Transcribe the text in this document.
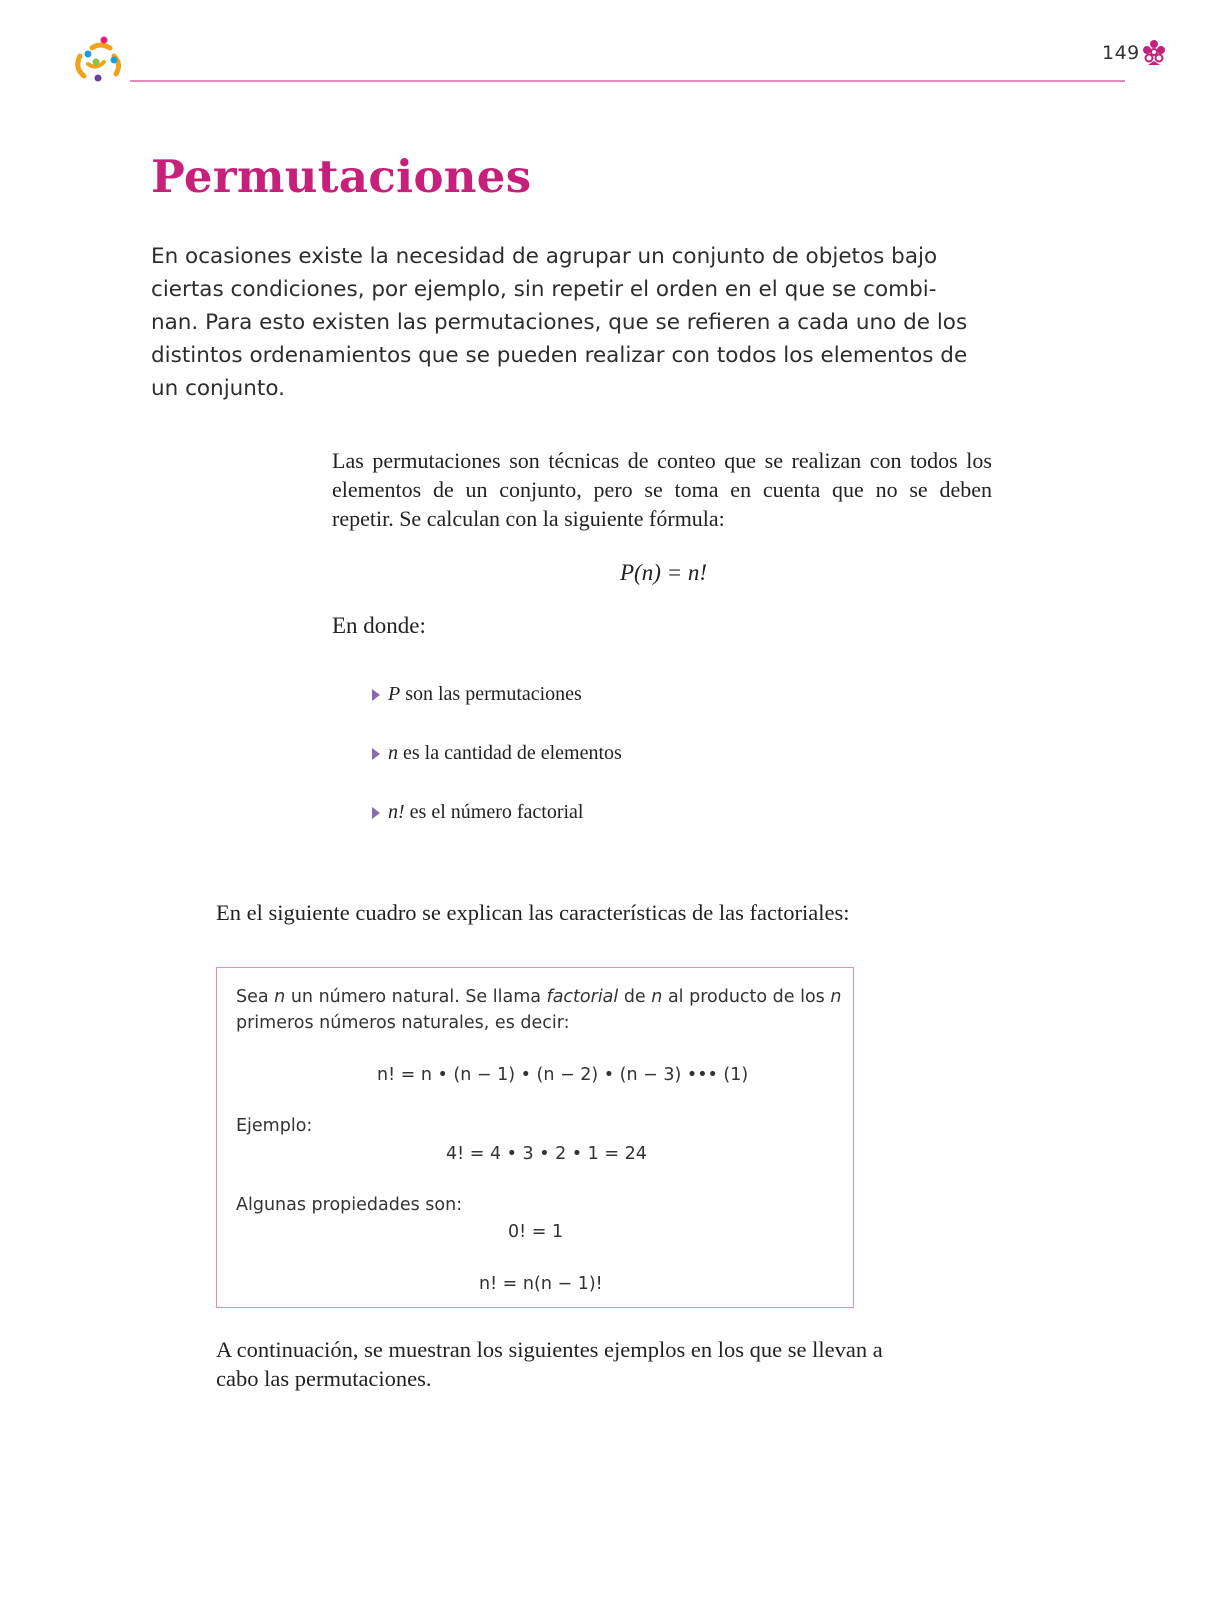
149
Permutaciones
En ocasiones existe la necesidad de agrupar un conjunto de objetos bajo
ciertas condiciones, por ejemplo, sin repetir el orden en el que se combi-
nan. Para esto existen las permutaciones, que se refieren a cada uno de los
distintos ordenamientos que se pueden realizar con todos los elementos de
un conjunto.
Las permutaciones son técnicas de conteo que se realizan con todos los
elementos de un conjunto, pero se toma en cuenta que no se deben
repetir. Se calculan con la siguiente fórmula:
P(n) = n!
En donde:
P son las permutaciones
n es la cantidad de elementos
n! es el número factorial
En el siguiente cuadro se explican las características de las factoriales:
Sea n un número natural. Se llama factorial de n al producto de los n
primeros números naturales, es decir:
n! = n • (n − 1) • (n − 2) • (n − 3) ••• (1)
Ejemplo:
4! = 4 • 3 • 2 • 1 = 24
Algunas propiedades son:
0! = 1
n! = n(n − 1)!
A continuación, se muestran los siguientes ejemplos en los que se llevan a
cabo las permutaciones.
